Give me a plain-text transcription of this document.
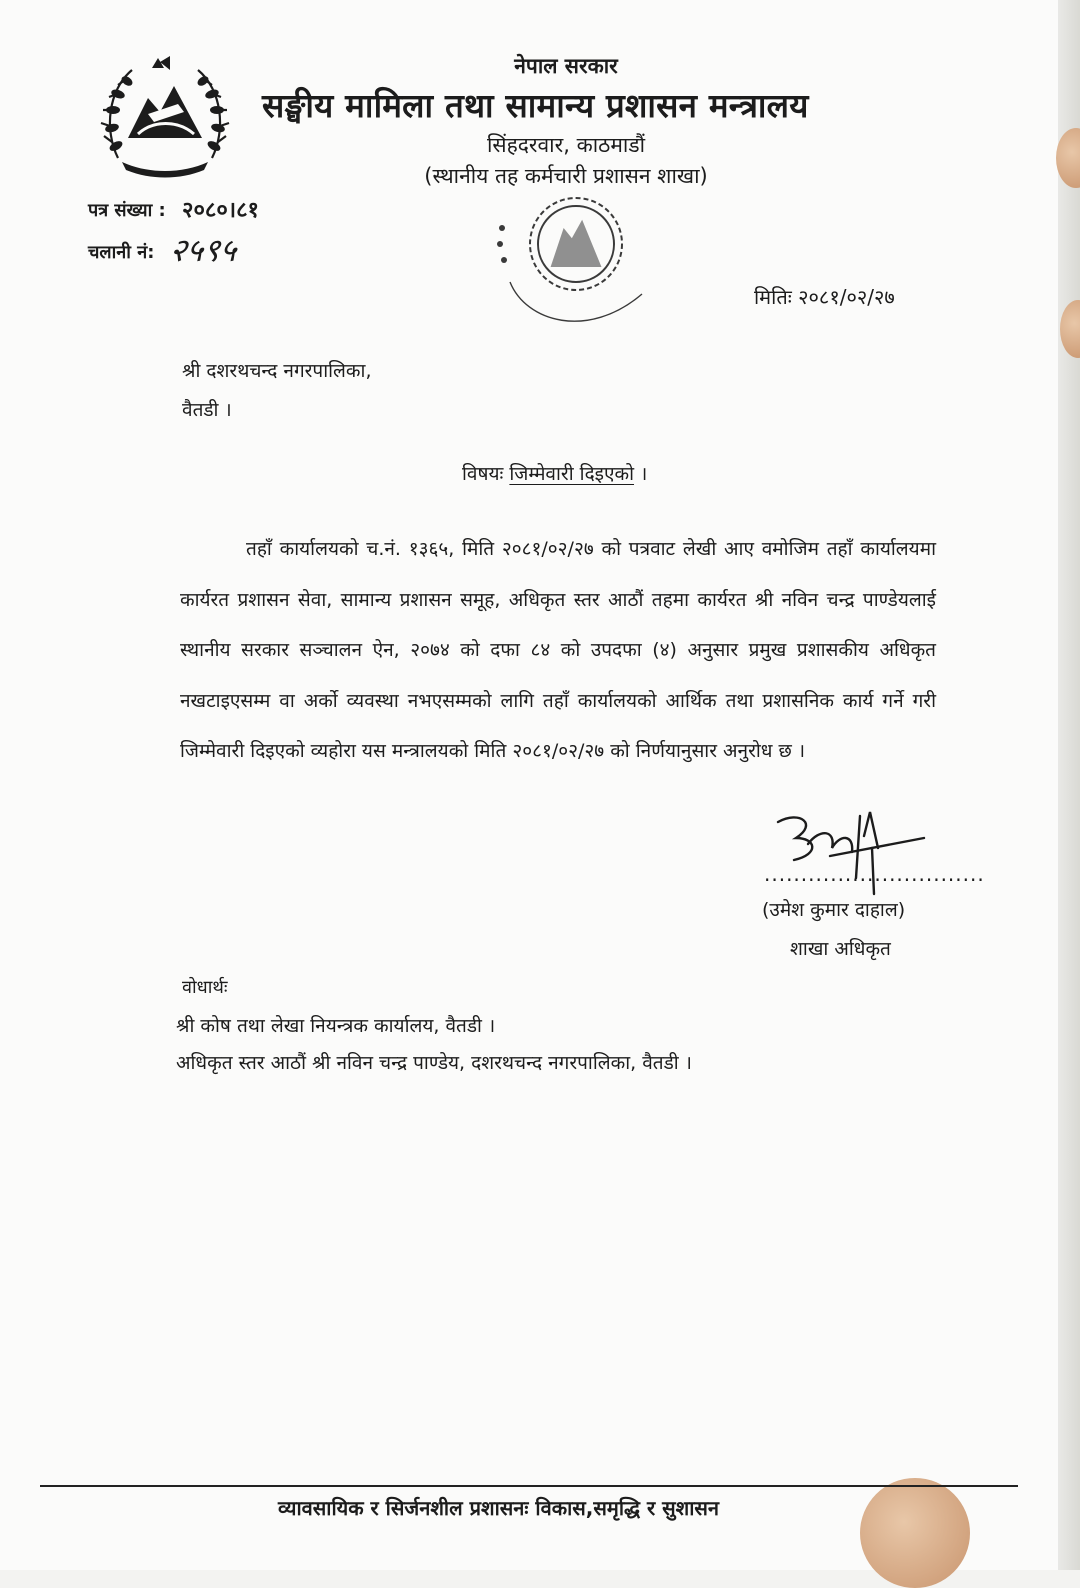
नेपाल सरकार
सङ्घीय मामिला तथा सामान्य प्रशासन मन्त्रालय
सिंहदरवार, काठमाडौं
(स्थानीय तह कर्मचारी प्रशासन शाखा)
पत्र संख्या : २०८०।८१
चलानी नं: २५९५
मितिः २०८१/०२/२७
श्री दशरथचन्द नगरपालिका,
वैतडी ।
विषयः जिम्मेवारी दिइएको ।
तहाँ कार्यालयको च.नं. १३६५, मिति २०८१/०२/२७ को पत्रवाट लेखी आए वमोजिम तहाँ कार्यालयमा कार्यरत प्रशासन सेवा, सामान्य प्रशासन समूह, अधिकृत स्तर आठौं तहमा कार्यरत श्री नविन चन्द्र पाण्डेयलाई स्थानीय सरकार सञ्चालन ऐन, २०७४ को दफा ८४ को उपदफा (४) अनुसार प्रमुख प्रशासकीय अधिकृत नखटाइएसम्म वा अर्को व्यवस्था नभएसम्मको लागि तहाँ कार्यालयको आर्थिक तथा प्रशासनिक कार्य गर्ने गरी जिम्मेवारी दिइएको व्यहोरा यस मन्त्रालयको मिति २०८१/०२/२७ को निर्णयानुसार अनुरोध छ ।
..............................
(उमेश कुमार दाहाल)
शाखा अधिकृत
वोधार्थः
श्री कोष तथा लेखा नियन्त्रक कार्यालय, वैतडी ।
अधिकृत स्तर आठौं श्री नविन चन्द्र पाण्डेय, दशरथचन्द नगरपालिका, वैतडी ।
व्यावसायिक र सिर्जनशील प्रशासनः विकास,समृद्धि र सुशासन
